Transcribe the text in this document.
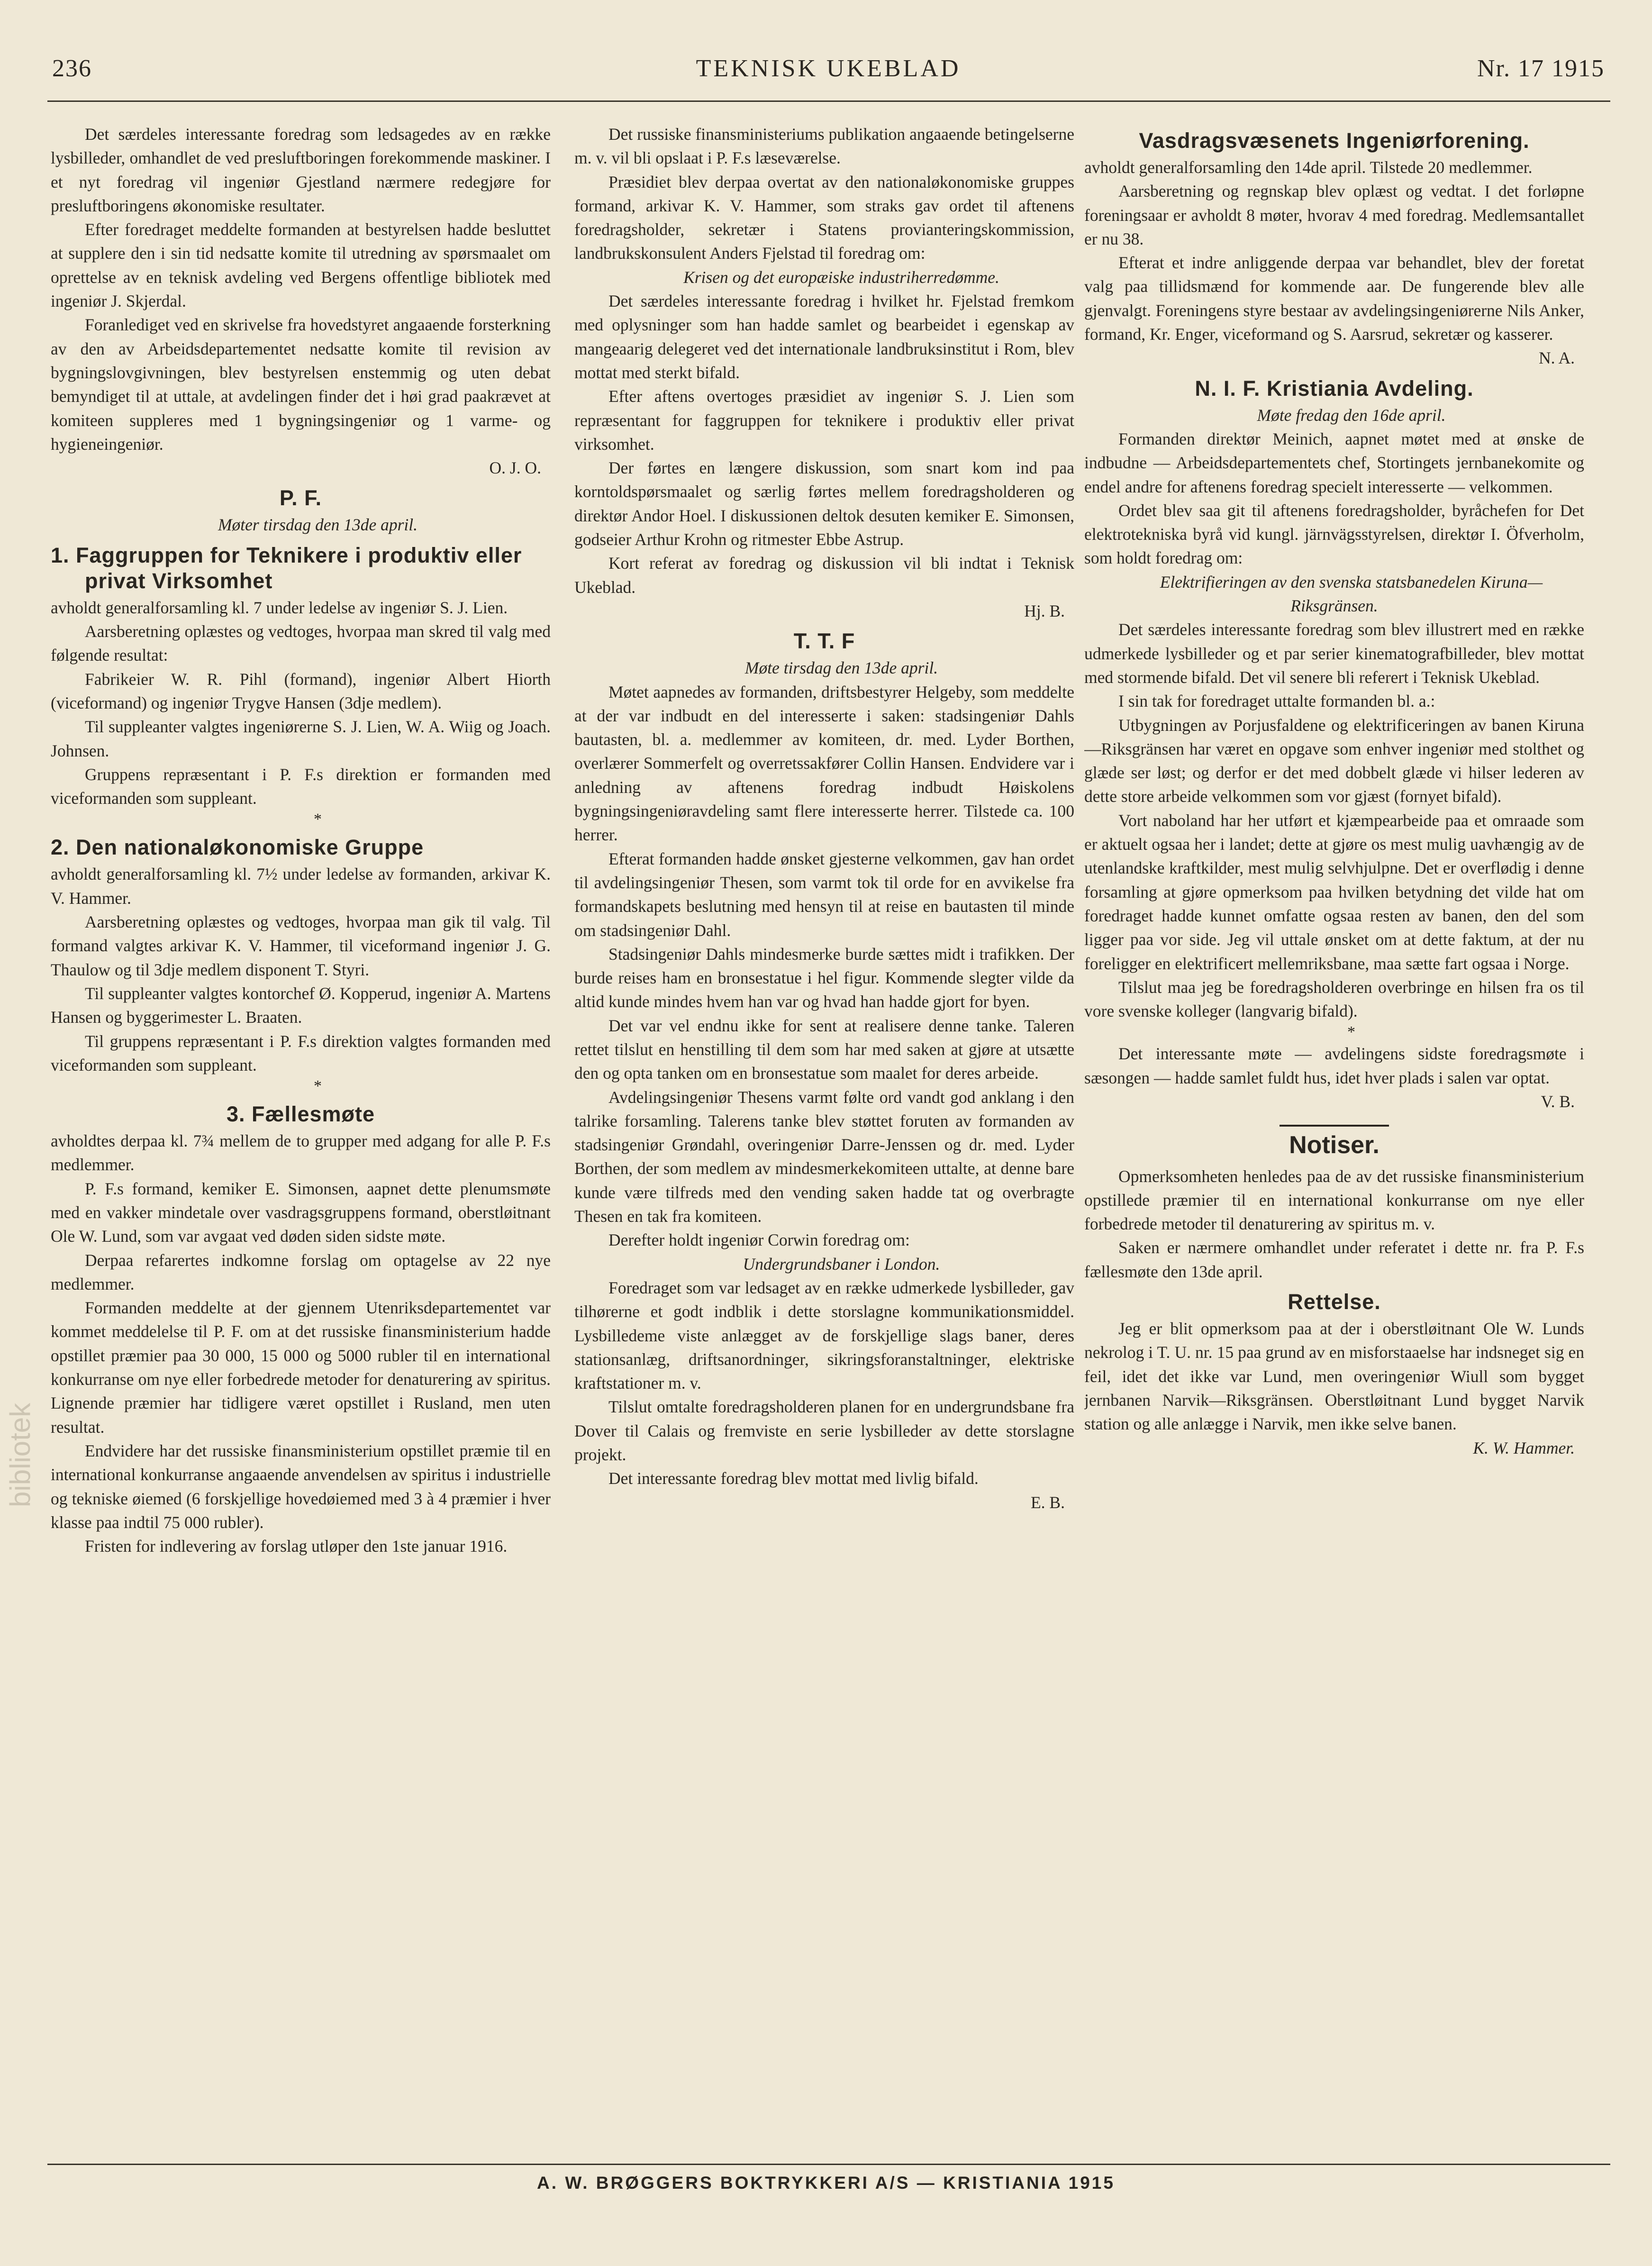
TEKNISK UKEBLAD
236	Nr. 17 1915
bibliotek

Det særdeles interessante foredrag som ledsagedes av en række lysbilleder, omhandlet de ved presluftboringen forekommende maskiner. I et nyt foredrag vil ingeniør Gjestland nærmere redegjøre for presluftboringens økonomiske resultater.

Efter foredraget meddelte formanden at bestyrelsen hadde besluttet at supplere den i sin tid nedsatte komite til utredning av spørsmaalet om oprettelse av en teknisk avdeling ved Bergens offentlige bibliotek med ingeniør J. Skjerdal.

Foranlediget ved en skrivelse fra hovedstyret angaaende forsterkning av den av Arbeidsdepartementet nedsatte komite til revision av bygningslovgivningen, blev bestyrelsen enstemmig og uten debat bemyndiget til at uttale, at avdelingen finder det i høi grad paakrævet at komiteen suppleres med 1 bygningsingeniør og 1 varme- og hygieneingeniør.

O. J. O.

P. F.

Møter tirsdag den 13de april.

1. Faggruppen for Teknikere i produktiv eller privat Virksomhet

avholdt generalforsamling kl. 7 under ledelse av ingeniør S. J. Lien.

Aarsberetning oplæstes og vedtoges, hvorpaa man skred til valg med følgende resultat:

Fabrikeier W. R. Pihl (formand), ingeniør Albert Hiorth (viceformand) og ingeniør Trygve Hansen (3dje medlem).

Til suppleanter valgtes ingeniørerne S. J. Lien, W. A. Wiig og Joach. Johnsen.

Gruppens repræsentant i P. F.s direktion er formanden med viceformanden som suppleant.

*

2. Den nationaløkonomiske Gruppe

avholdt generalforsamling kl. 7½ under ledelse av formanden, arkivar K. V. Hammer.

Aarsberetning oplæstes og vedtoges, hvorpaa man gik til valg. Til formand valgtes arkivar K. V. Hammer, til viceformand ingeniør J. G. Thaulow og til 3dje medlem disponent T. Styri.

Til suppleanter valgtes kontorchef Ø. Kopperud, ingeniør A. Martens Hansen og byggerimester L. Braaten.

Til gruppens repræsentant i P. F.s direktion valgtes formanden med viceformanden som suppleant.

*

3. Fællesmøte

avholdtes derpaa kl. 7¾ mellem de to grupper med adgang for alle P. F.s medlemmer.

P. F.s formand, kemiker E. Simonsen, aapnet dette plenumsmøte med en vakker mindetale over vasdragsgruppens formand, oberstløitnant Ole W. Lund, som var avgaat ved døden siden sidste møte.

Derpaa refarertes indkomne forslag om optagelse av 22 nye medlemmer.

Formanden meddelte at der gjennem Utenriksdepartementet var kommet meddelelse til P. F. om at det russiske finansministerium hadde opstillet præmier paa 30 000, 15 000 og 5000 rubler til en international konkurranse om nye eller forbedrede metoder for denaturering av spiritus. Lignende præmier har tidligere været opstillet i Rusland, men uten resultat.

Endvidere har det russiske finansministerium opstillet præmie til en international konkurranse angaaende anvendelsen av spiritus i industrielle og tekniske øiemed (6 forskjellige hovedøiemed med 3 à 4 præmier i hver klasse paa indtil 75 000 rubler).

Fristen for indlevering av forslag utløper den 1ste januar 1916.

Det russiske finansministeriums publikation angaaende betingelserne m. v. vil bli opslaat i P. F.s læseværelse.

Præsidiet blev derpaa overtat av den nationaløkonomiske gruppes formand, arkivar K. V. Hammer, som straks gav ordet til aftenens foredragsholder, sekretær i Statens provianteringskommission, landbrukskonsulent Anders Fjelstad til foredrag om:

Krisen og det europæiske industriherredømme.

Det særdeles interessante foredrag i hvilket hr. Fjelstad fremkom med oplysninger som han hadde samlet og bearbeidet i egenskap av mangeaarig delegeret ved det internationale landbruksinstitut i Rom, blev mottat med sterkt bifald.

Efter aftens overtoges præsidiet av ingeniør S. J. Lien som repræsentant for faggruppen for teknikere i produktiv eller privat virksomhet.

Der førtes en længere diskussion, som snart kom ind paa korntoldspørsmaalet og særlig førtes mellem foredragsholderen og direktør Andor Hoel. I diskussionen deltok desuten kemiker E. Simonsen, godseier Arthur Krohn og ritmester Ebbe Astrup.

Kort referat av foredrag og diskussion vil bli indtat i Teknisk Ukeblad.

Hj. B.

T. T. F

Møte tirsdag den 13de april.

Møtet aapnedes av formanden, driftsbestyrer Helgeby, som meddelte at der var indbudt en del interesserte i saken: stadsingeniør Dahls bautasten, bl. a. medlemmer av komiteen, dr. med. Lyder Borthen, overlærer Sommerfelt og overretssakfører Collin Hansen. Endvidere var i anledning av aftenens foredrag indbudt Høiskolens bygningsingeniøravdeling samt flere interesserte herrer. Tilstede ca. 100 herrer.

Efterat formanden hadde ønsket gjesterne velkommen, gav han ordet til avdelingsingeniør Thesen, som varmt tok til orde for en avvikelse fra formandskapets beslutning med hensyn til at reise en bautasten til minde om stadsingeniør Dahl.

Stadsingeniør Dahls mindesmerke burde sættes midt i trafikken. Der burde reises ham en bronsestatue i hel figur. Kommende slegter vilde da altid kunde mindes hvem han var og hvad han hadde gjort for byen.

Det var vel endnu ikke for sent at realisere denne tanke. Taleren rettet tilslut en henstilling til dem som har med saken at gjøre at utsætte den og opta tanken om en bronsestatue som maalet for deres arbeide.

Avdelingsingeniør Thesens varmt følte ord vandt god anklang i den talrike forsamling. Talerens tanke blev støttet foruten av formanden av stadsingeniør Grøndahl, overingeniør Darre-Jenssen og dr. med. Lyder Borthen, der som medlem av mindesmerkekomiteen uttalte, at denne bare kunde være tilfreds med den vending saken hadde tat og overbragte Thesen en tak fra komiteen.

Derefter holdt ingeniør Corwin foredrag om:

Undergrundsbaner i London.

Foredraget som var ledsaget av en række udmerkede lysbilleder, gav tilhørerne et godt indblik i dette storslagne kommunikationsmiddel. Lysbilledeme viste anlægget av de forskjellige slags baner, deres stationsanlæg, driftsanordninger, sikringsforanstaltninger, elektriske kraftstationer m. v.

Tilslut omtalte foredragsholderen planen for en undergrundsbane fra Dover til Calais og fremviste en serie lysbilleder av dette storslagne projekt.

Det interessante foredrag blev mottat med livlig bifald.

E. B.

Vasdragsvæsenets Ingeniørforening.

avholdt generalforsamling den 14de april. Tilstede 20 medlemmer.

Aarsberetning og regnskap blev oplæst og vedtat. I det forløpne foreningsaar er avholdt 8 møter, hvorav 4 med foredrag. Medlemsantallet er nu 38.

Efterat et indre anliggende derpaa var behandlet, blev der foretat valg paa tillidsmænd for kommende aar. De fungerende blev alle gjenvalgt. Foreningens styre bestaar av avdelingsingeniørerne Nils Anker, formand, Kr. Enger, viceformand og S. Aarsrud, sekretær og kasserer.

N. A.

N. I. F. Kristiania Avdeling.

Møte fredag den 16de april.

Formanden direktør Meinich, aapnet møtet med at ønske de indbudne — Arbeidsdepartementets chef, Stortingets jernbanekomite og endel andre for aftenens foredrag specielt interesserte — velkommen.

Ordet blev saa git til aftenens foredragsholder, byråchefen for Det elektrotekniska byrå vid kungl. järnvägsstyrelsen, direktør I. Öfverholm, som holdt foredrag om:

Elektrifieringen av den svenska statsbanedelen Kiruna—Riksgränsen.

Det særdeles interessante foredrag som blev illustrert med en række udmerkede lysbilleder og et par serier kinematografbilleder, blev mottat med stormende bifald. Det vil senere bli referert i Teknisk Ukeblad.

I sin tak for foredraget uttalte formanden bl. a.:

Utbygningen av Porjusfaldene og elektrificeringen av banen Kiruna—Riksgränsen har været en opgave som enhver ingeniør med stolthet og glæde ser løst; og derfor er det med dobbelt glæde vi hilser lederen av dette store arbeide velkommen som vor gjæst (fornyet bifald).

Vort naboland har her utført et kjæmpearbeide paa et omraade som er aktuelt ogsaa her i landet; dette at gjøre os mest mulig uavhængig av de utenlandske kraftkilder, mest mulig selvhjulpne. Det er overflødig i denne forsamling at gjøre opmerksom paa hvilken betydning det vilde hat om foredraget hadde kunnet omfatte ogsaa resten av banen, den del som ligger paa vor side. Jeg vil uttale ønsket om at dette faktum, at der nu foreligger en elektrificert mellemriksbane, maa sætte fart ogsaa i Norge.

Tilslut maa jeg be foredragsholderen overbringe en hilsen fra os til vore svenske kolleger (langvarig bifald).

*

Det interessante møte — avdelingens sidste foredragsmøte i sæsongen — hadde samlet fuldt hus, idet hver plads i salen var optat.

V. B.

Notiser.

Opmerksomheten henledes paa de av det russiske finansministerium opstillede præmier til en international konkurranse om nye eller forbedrede metoder til denaturering av spiritus m. v.

Saken er nærmere omhandlet under referatet i dette nr. fra P. F.s fællesmøte den 13de april.

Rettelse.

Jeg er blit opmerksom paa at der i oberstløitnant Ole W. Lunds nekrolog i T. U. nr. 15 paa grund av en misforstaaelse har indsneget sig en feil, idet det ikke var Lund, men overingeniør Wiull som bygget jernbanen Narvik—Riksgränsen. Oberstløitnant Lund bygget Narvik station og alle anlægge i Narvik, men ikke selve banen.

K. W. Hammer.

A. W. BRØGGERS BOKTRYKKERI A/S — KRISTIANIA 1915
